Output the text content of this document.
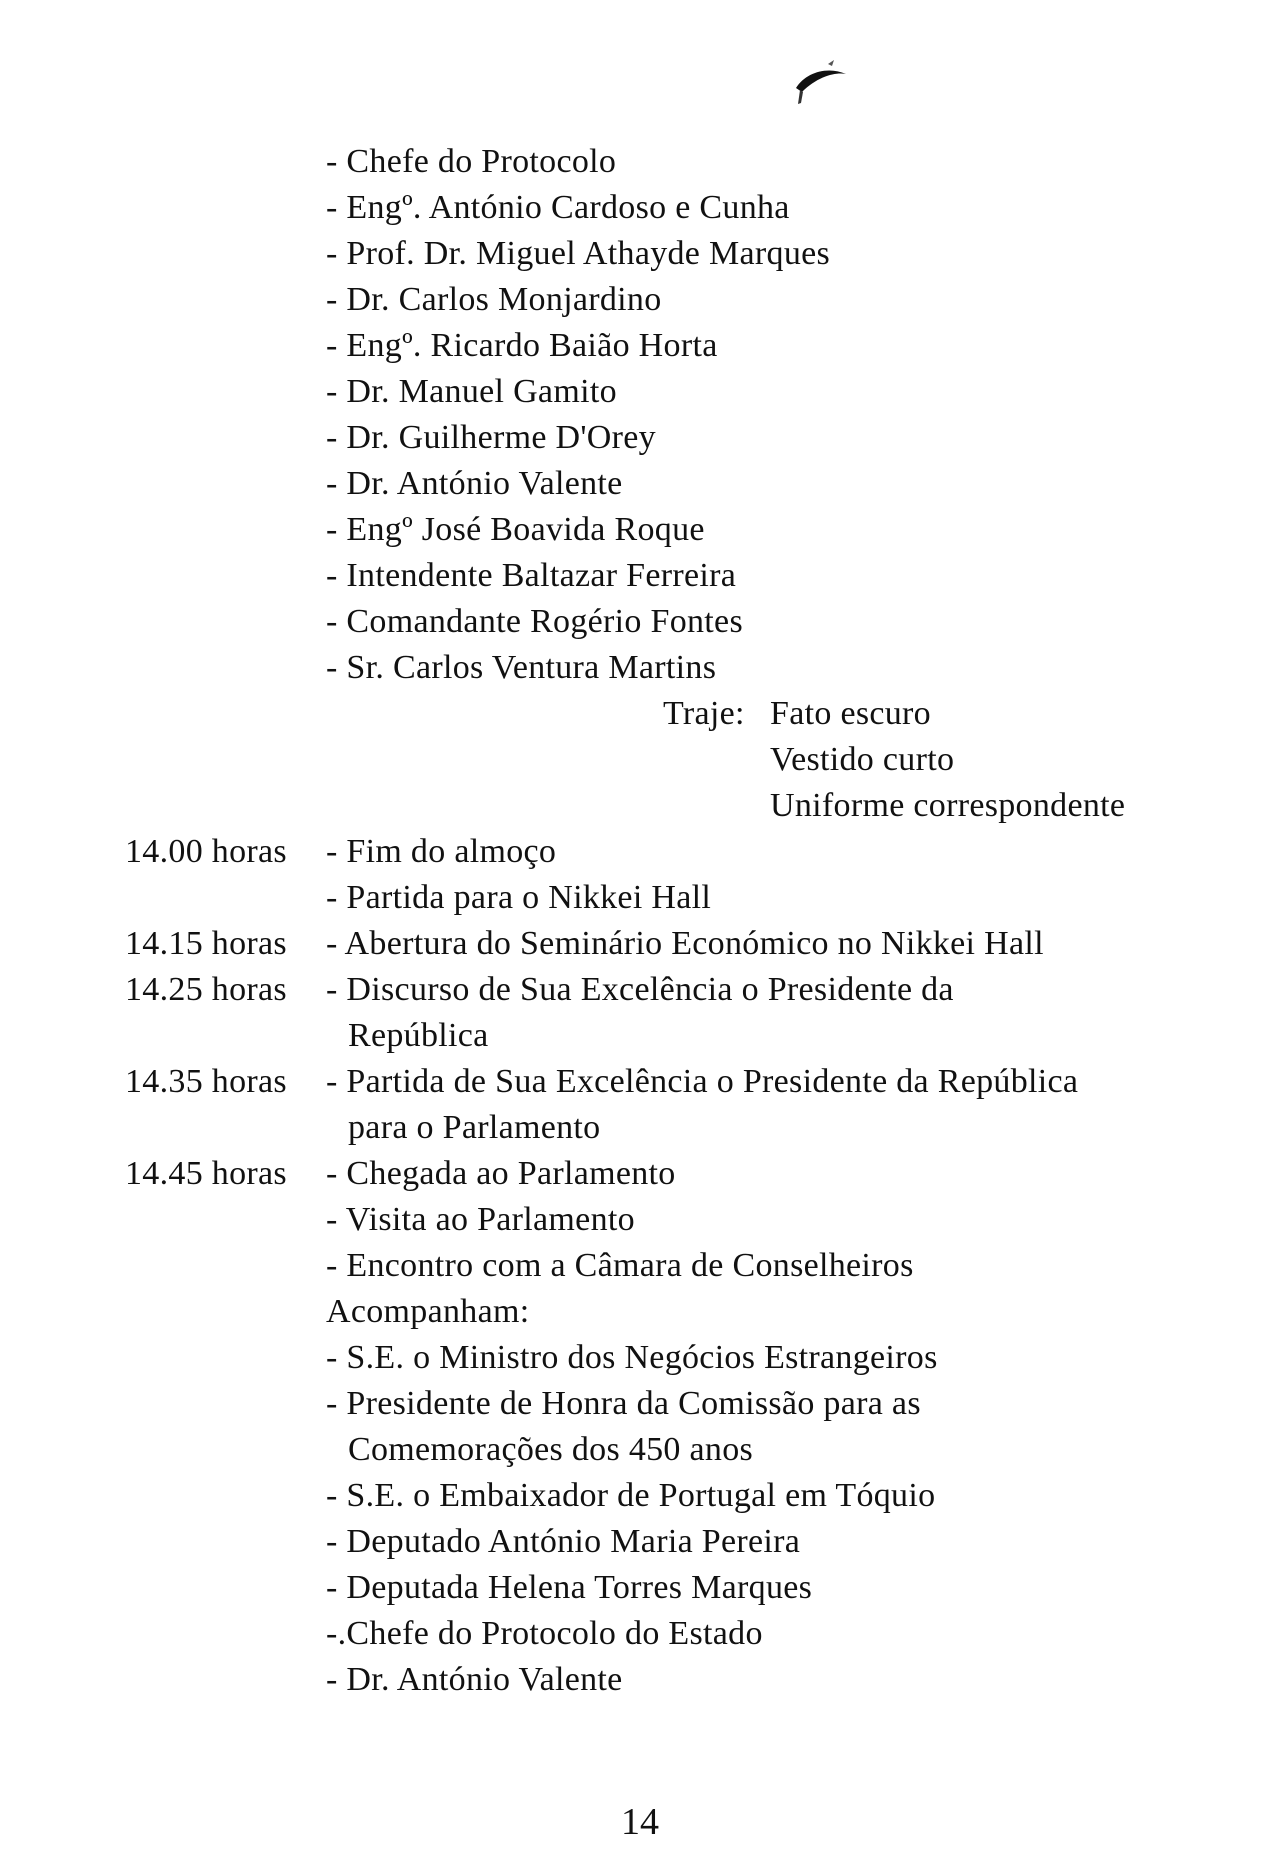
- Chefe do Protocolo
- Engº. António Cardoso e Cunha
- Prof. Dr. Miguel Athayde Marques
- Dr. Carlos Monjardino
- Engº. Ricardo Baião Horta
- Dr. Manuel Gamito
- Dr. Guilherme D'Orey
- Dr. António Valente
- Engº José Boavida Roque
- Intendente Baltazar Ferreira
- Comandante Rogério Fontes
- Sr. Carlos Ventura Martins
Traje: Fato escuro
Vestido curto
Uniforme correspondente
14.00 horas - Fim do almoço
- Partida para o Nikkei Hall
14.15 horas - Abertura do Seminário Económico no Nikkei Hall
14.25 horas - Discurso de Sua Excelência o Presidente da
República
14.35 horas - Partida de Sua Excelência o Presidente da República
para o Parlamento
14.45 horas - Chegada ao Parlamento
- Visita ao Parlamento
- Encontro com a Câmara de Conselheiros
Acompanham:
- S.E. o Ministro dos Negócios Estrangeiros
- Presidente de Honra da Comissão para as
Comemorações dos 450 anos
- S.E. o Embaixador de Portugal em Tóquio
- Deputado António Maria Pereira
- Deputada Helena Torres Marques
-.Chefe do Protocolo do Estado
- Dr. António Valente
14
